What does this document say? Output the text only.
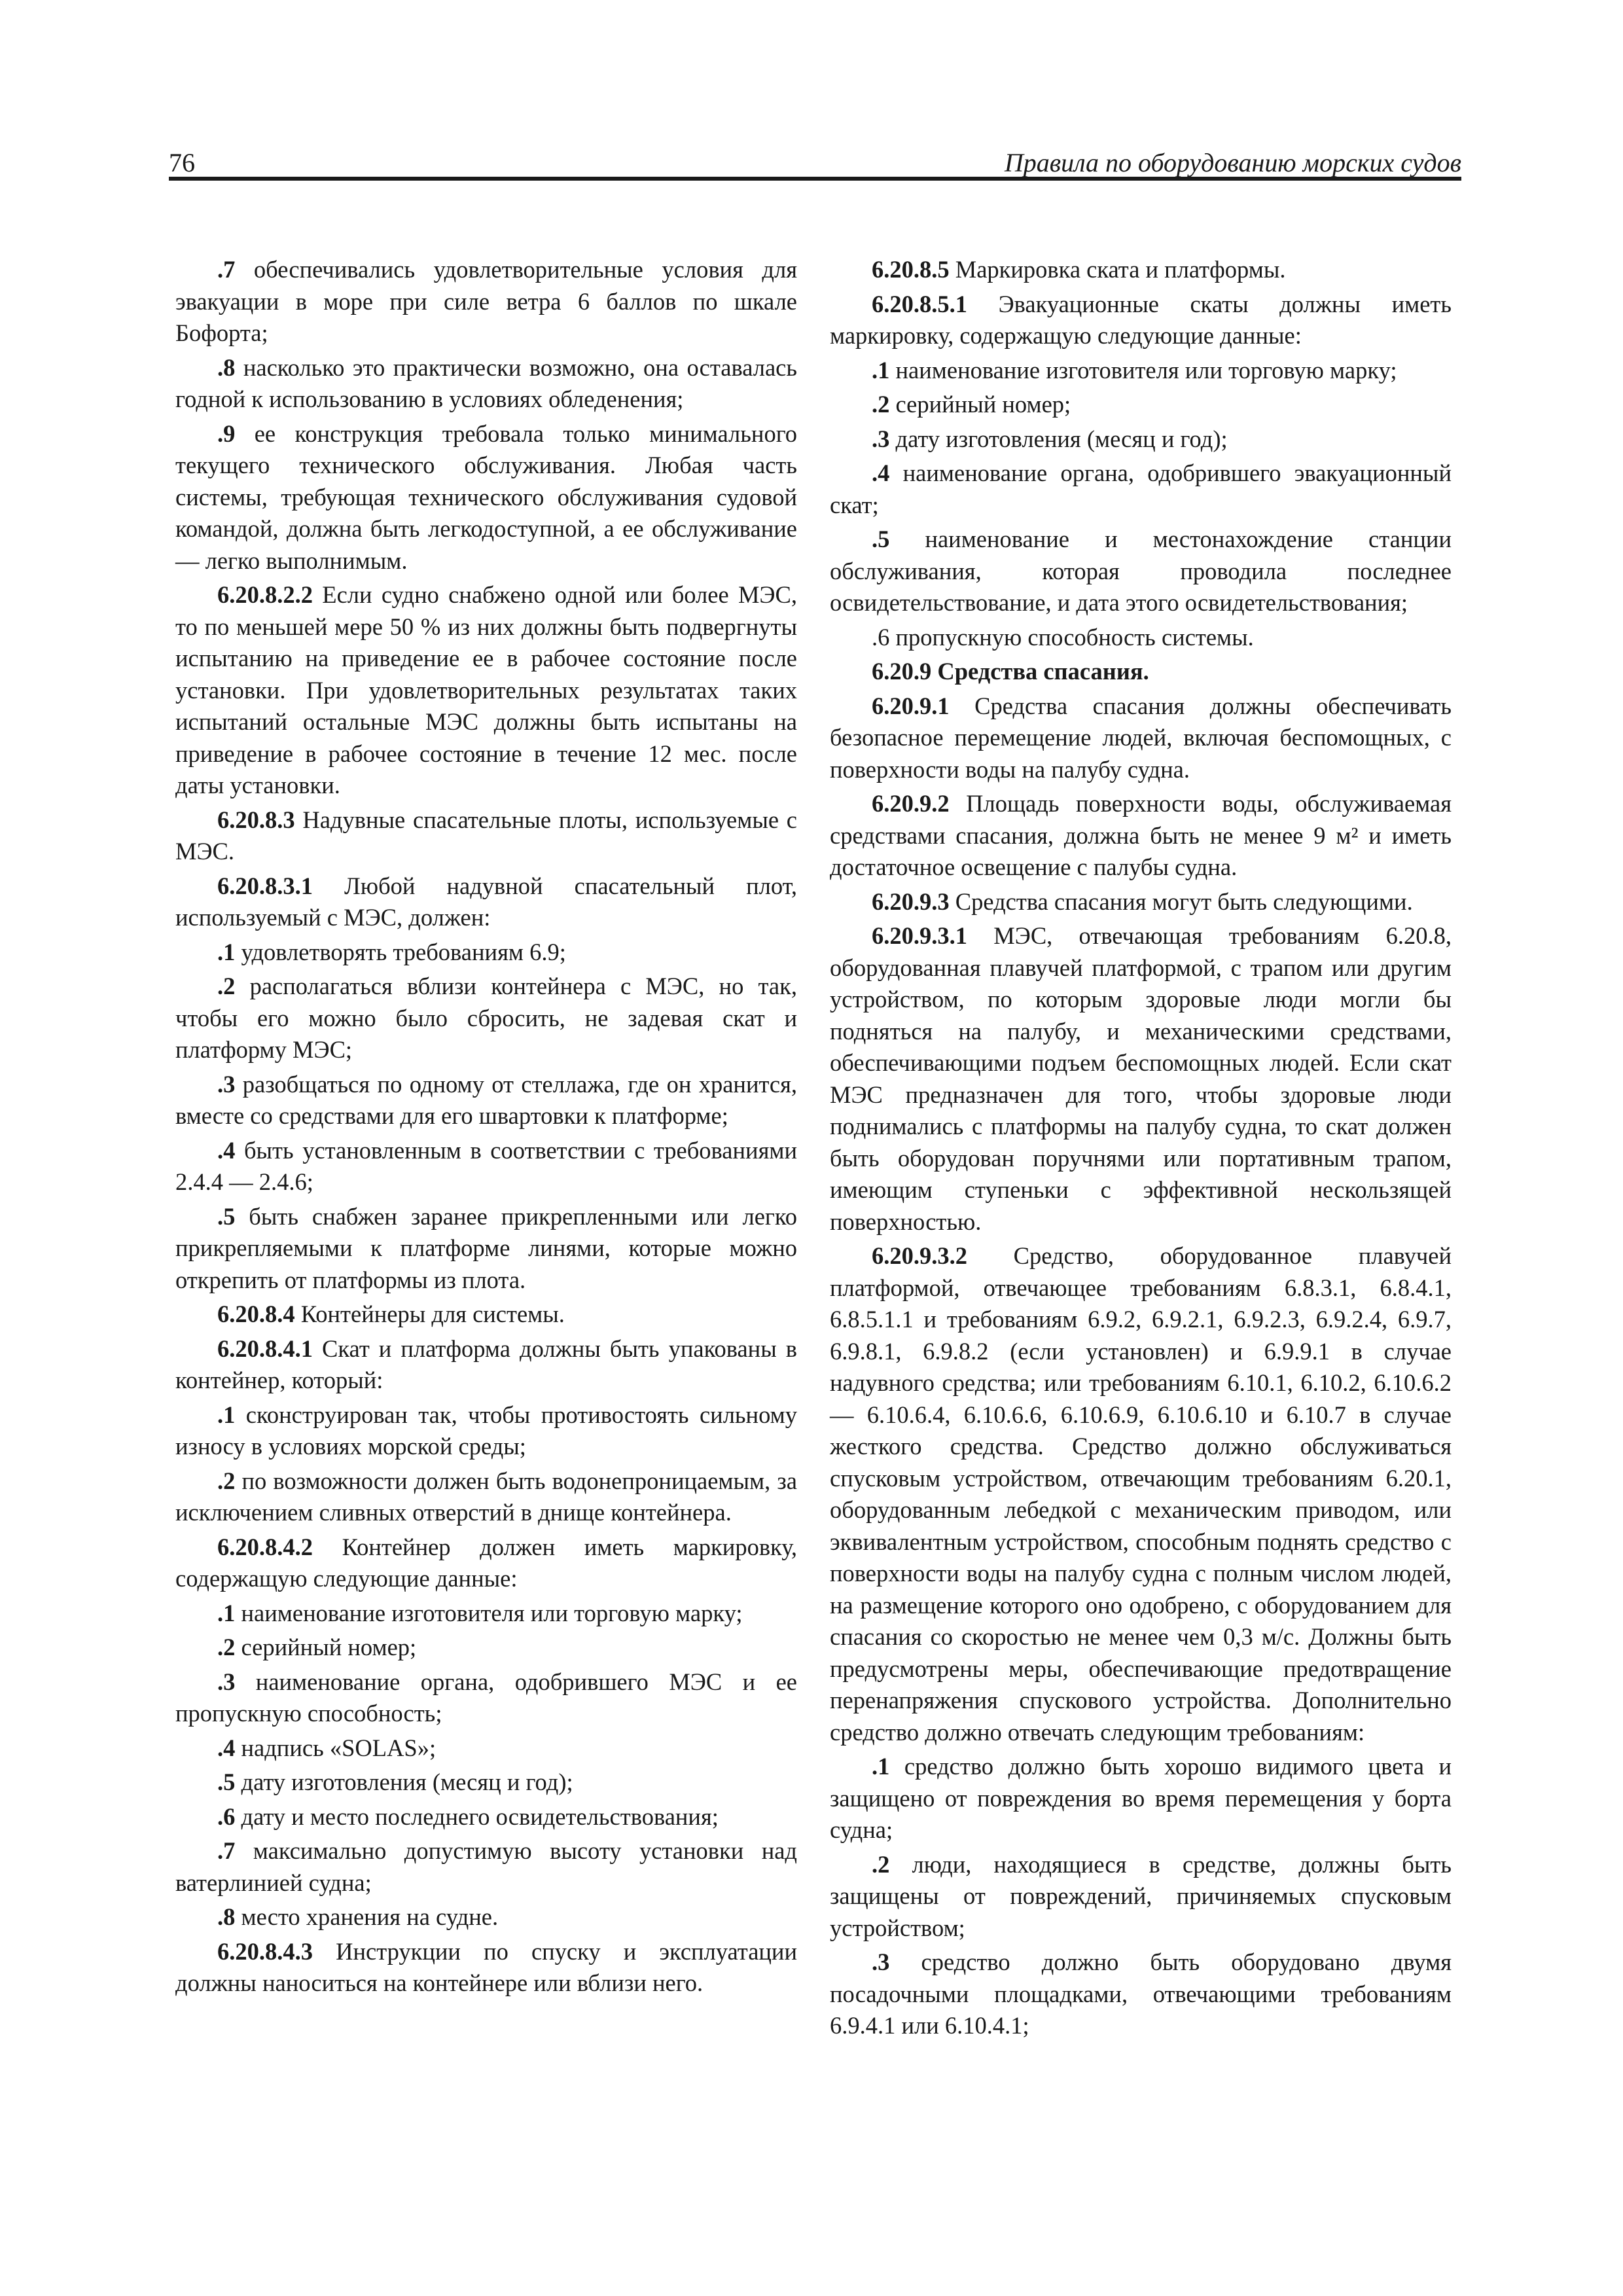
76	Правила по оборудованию морских судов

.7 обеспечивались удовлетворительные условия для эвакуации в море при силе ветра 6 баллов по шкале Бофорта;

.8 насколько это практически возможно, она оставалась годной к использованию в условиях обледенения;

.9 ее конструкция требовала только минимального текущего технического обслуживания. Любая часть системы, требующая технического обслуживания судовой командой, должна быть легкодоступной, а ее обслуживание — легко выполнимым.

6.20.8.2.2 Если судно снабжено одной или более МЭС, то по меньшей мере 50 % из них должны быть подвергнуты испытанию на приведение ее в рабочее состояние после установки. При удовлетворительных результатах таких испытаний остальные МЭС должны быть испытаны на приведение в рабочее состояние в течение 12 мес. после даты установки.

6.20.8.3 Надувные спасательные плоты, используемые с МЭС.

6.20.8.3.1 Любой надувной спасательный плот, используемый с МЭС, должен:

.1 удовлетворять требованиям 6.9;

.2 располагаться вблизи контейнера с МЭС, но так, чтобы его можно было сбросить, не задевая скат и платформу МЭС;

.3 разобщаться по одному от стеллажа, где он хранится, вместе со средствами для его швартовки к платформе;

.4 быть установленным в соответствии с требованиями 2.4.4 — 2.4.6;

.5 быть снабжен заранее прикрепленными или легко прикрепляемыми к платформе линями, которые можно открепить от платформы из плота.

6.20.8.4 Контейнеры для системы.

6.20.8.4.1 Скат и платформа должны быть упакованы в контейнер, который:

.1 сконструирован так, чтобы противостоять сильному износу в условиях морской среды;

.2 по возможности должен быть водонепроницаемым, за исключением сливных отверстий в днище контейнера.

6.20.8.4.2 Контейнер должен иметь маркировку, содержащую следующие данные:

.1 наименование изготовителя или торговую марку;

.2 серийный номер;

.3 наименование органа, одобрившего МЭС и ее пропускную способность;

.4 надпись «SOLAS»;

.5 дату изготовления (месяц и год);

.6 дату и место последнего освидетельствования;

.7 максимально допустимую высоту установки над ватерлинией судна;

.8 место хранения на судне.

6.20.8.4.3 Инструкции по спуску и эксплуатации должны наноситься на контейнере или вблизи него.

6.20.8.5 Маркировка ската и платформы.

6.20.8.5.1 Эвакуационные скаты должны иметь маркировку, содержащую следующие данные:

.1 наименование изготовителя или торговую марку;

.2 серийный номер;

.3 дату изготовления (месяц и год);

.4 наименование органа, одобрившего эвакуационный скат;

.5 наименование и местонахождение станции обслуживания, которая проводила последнее освидетельствование, и дата этого освидетельствования;

.6 пропускную способность системы.

6.20.9 Средства спасания.

6.20.9.1 Средства спасания должны обеспечивать безопасное перемещение людей, включая беспомощных, с поверхности воды на палубу судна.

6.20.9.2 Площадь поверхности воды, обслуживаемая средствами спасания, должна быть не менее 9 м² и иметь достаточное освещение с палубы судна.

6.20.9.3 Средства спасания могут быть следующими.

6.20.9.3.1 МЭС, отвечающая требованиям 6.20.8, оборудованная плавучей платформой, с трапом или другим устройством, по которым здоровые люди могли бы подняться на палубу, и механическими средствами, обеспечивающими подъем беспомощных людей. Если скат МЭС предназначен для того, чтобы здоровые люди поднимались с платформы на палубу судна, то скат должен быть оборудован поручнями или портативным трапом, имеющим ступеньки с эффективной нескользящей поверхностью.

6.20.9.3.2 Средство, оборудованное плавучей платформой, отвечающее требованиям 6.8.3.1, 6.8.4.1, 6.8.5.1.1 и требованиям 6.9.2, 6.9.2.1, 6.9.2.3, 6.9.2.4, 6.9.7, 6.9.8.1, 6.9.8.2 (если установлен) и 6.9.9.1 в случае надувного средства; или требованиям 6.10.1, 6.10.2, 6.10.6.2 — 6.10.6.4, 6.10.6.6, 6.10.6.9, 6.10.6.10 и 6.10.7 в случае жесткого средства. Средство должно обслуживаться спусковым устройством, отвечающим требованиям 6.20.1, оборудованным лебедкой с механическим приводом, или эквивалентным устройством, способным поднять средство с поверхности воды на палубу судна с полным числом людей, на размещение которого оно одобрено, с оборудованием для спасания со скоростью не менее чем 0,3 м/с. Должны быть предусмотрены меры, обеспечивающие предотвращение перенапряжения спускового устройства. Дополнительно средство должно отвечать следующим требованиям:

.1 средство должно быть хорошо видимого цвета и защищено от повреждения во время перемещения у борта судна;

.2 люди, находящиеся в средстве, должны быть защищены от повреждений, причиняемых спусковым устройством;

.3 средство должно быть оборудовано двумя посадочными площадками, отвечающими требованиям 6.9.4.1 или 6.10.4.1;
